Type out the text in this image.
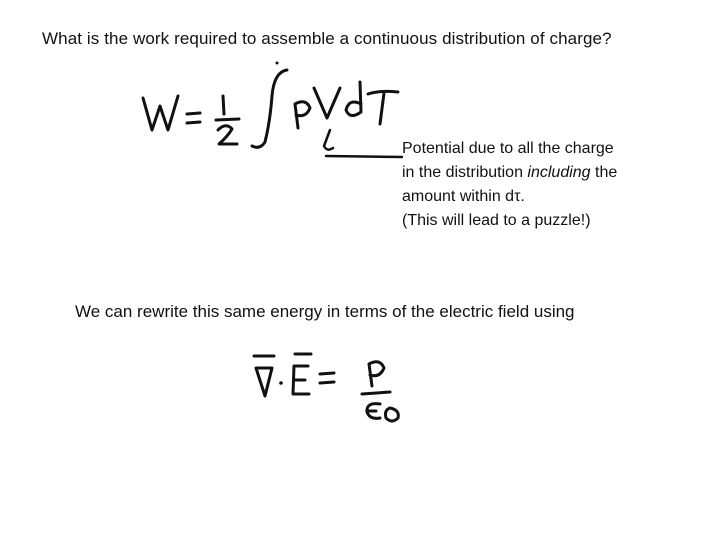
What is the work required to assemble a continuous distribution of charge?
Potential due to all the charge
in the distribution including the
amount within dτ.
(This will lead to a puzzle!)
We can rewrite this same energy in terms of the electric field using
